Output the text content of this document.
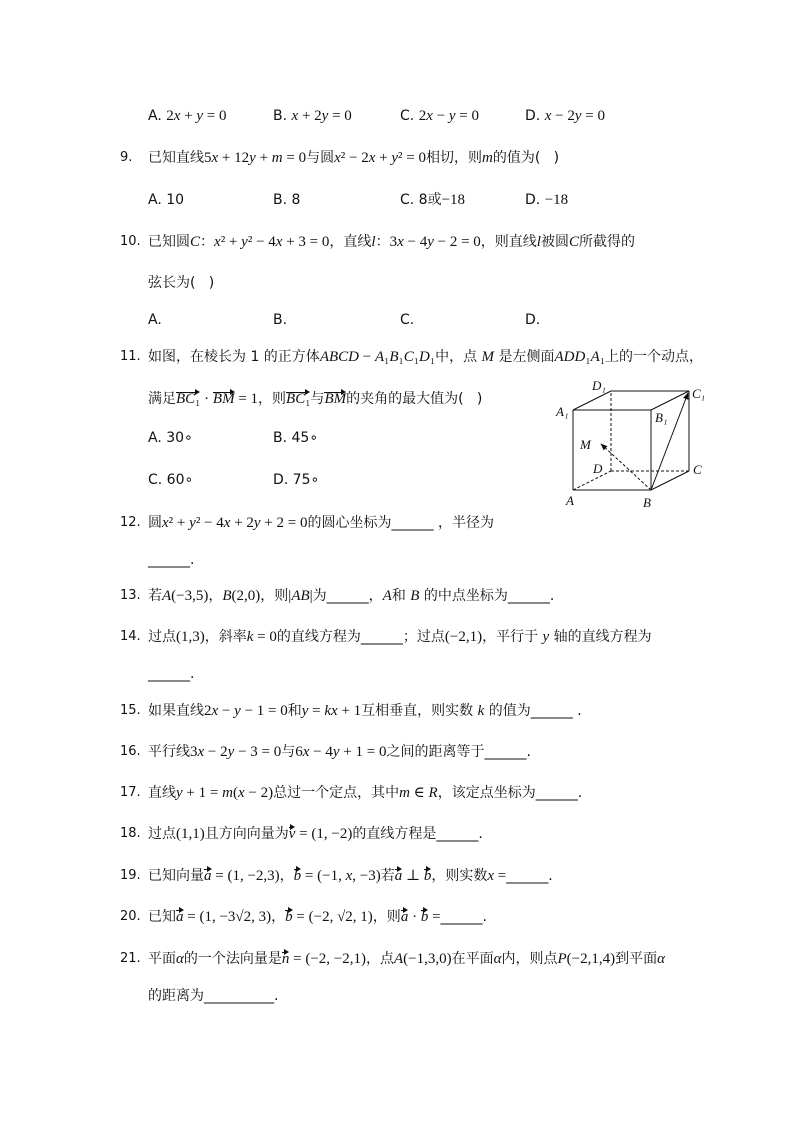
A. 2x + y = 0	B. x + 2y = 0	C. 2x − y = 0	D. x − 2y = 0
9. 已知直线5x + 12y + m = 0与圆x² − 2x + y² = 0相切，则m的值为(   )
A. 10	B. 8	C. 8或−18	D. −18
10. 已知圆C：x² + y² − 4x + 3 = 0，直线l：3x − 4y − 2 = 0，则直线l被圆C所截得的
弦长为(   )
A.	B.	C.	D.
11. 如图，在棱长为 1 的正方体ABCD − A₁B₁C₁D₁中，点 M 是左侧面ADD₁A₁上的一个动点，
满足BC₁ · BM = 1，则BC₁与BM的夹角的最大值为(   )
A. 30∘	B. 45∘
C. 60∘	D. 75∘
D₁
C₁
A₁	B₁
M
D	C
A	B
12. 圆x² + y² − 4x + 2y + 2 = 0的圆心坐标为______ ，半径为
______.
13. 若A(−3,5)，B(2,0)，则|AB|为______，A和 B 的中点坐标为______.
14. 过点(1,3)，斜率k = 0的直线方程为______；过点(−2,1)，平行于 y 轴的直线方程为
______.
15. 如果直线2x − y − 1 = 0和y = kx + 1互相垂直，则实数 k 的值为______ .
16. 平行线3x − 2y − 3 = 0与6x − 4y + 1 = 0之间的距离等于______.
17. 直线y + 1 = m(x − 2)总过一个定点，其中m ∈ R，该定点坐标为______.
18. 过点(1,1)且方向向量为v = (1, −2)的直线方程是______.
19. 已知向量a = (1, −2,3)，b = (−1, x, −3)若a ⊥ b，则实数x =______.
20. 已知a = (1, −3√2, 3)，b = (−2, √2, 1)，则a · b =______.
21. 平面α的一个法向量是n = (−2, −2,1)，点A(−1,3,0)在平面α内，则点P(−2,1,4)到平面α
的距离为__________.
